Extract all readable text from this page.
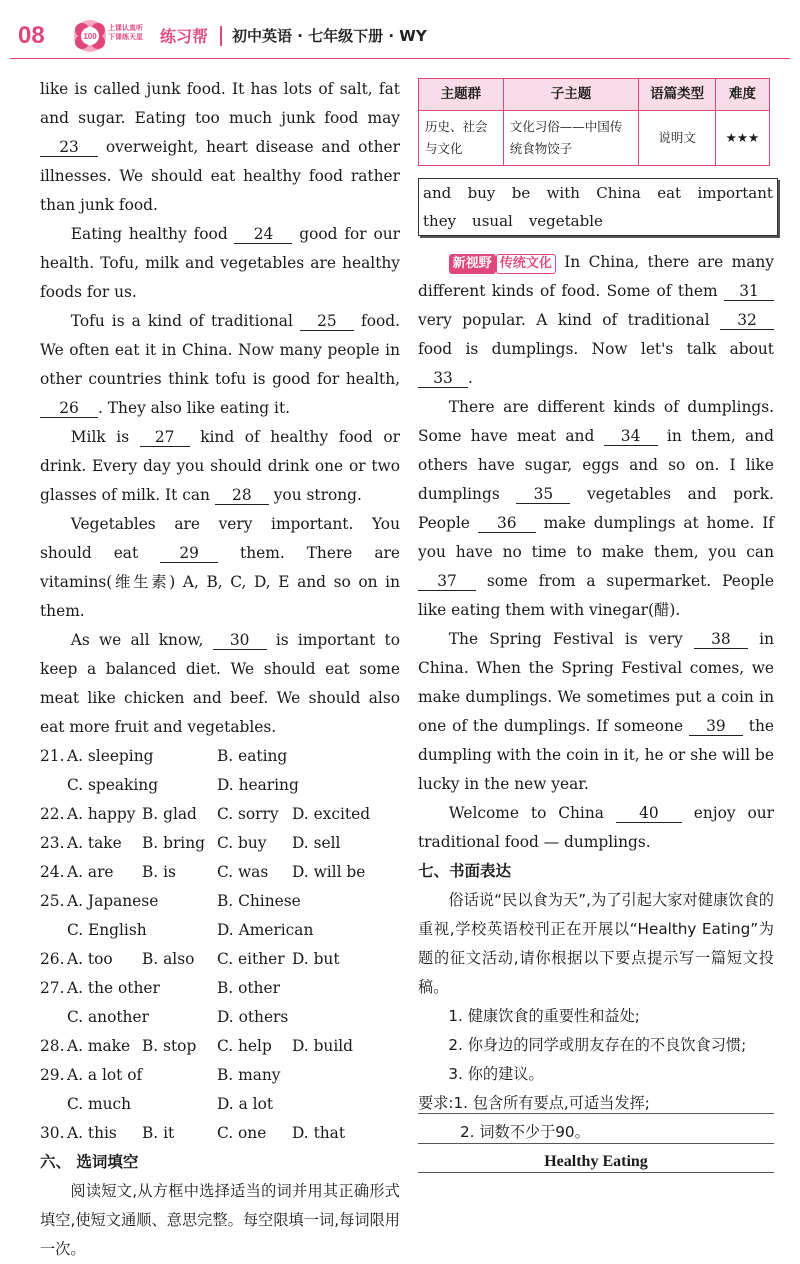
08	100
上课认真听
下课练天星 练习帮 初中英语 · 七年级下册 · WY

like is called junk food. It has lots of salt, fat and sugar. Eating too much junk food may 23 overweight, heart disease and other illnesses. We should eat healthy food rather than junk food.

Eating healthy food 24 good for our health. Tofu, milk and vegetables are healthy foods for us.

Tofu is a kind of traditional 25 food. We often eat it in China. Now many people in other countries think tofu is good for health, 26 . They also like eating it.

Milk is 27 kind of healthy food or drink. Every day you should drink one or two glasses of milk. It can 28 you strong.

Vegetables are very important. You should eat	29	them. There are vitamins(维生素) A, B, C, D, E and so on in them.

As we all know, 30 is important to keep a balanced diet. We should eat some meat like chicken and beef. We should also eat more fruit and vegetables.

21. A. sleeping	B. eating
C. speaking	D. hearing
22. A. happy B. glad	C. sorry D. excited
23. A. take	B. bring C. buy	D. sell
24. A. are	B. is	C. was	D. will be
25. A. Japanese	B. Chinese
C. English	D. American
26. A. too	B. also	C. either D. but
27. A. the other	B. other
C. another	D. others
28. A. make B. stop	C. help	D. build
29. A. a lot of	B. many
C. much	D. a lot
30. A. this	B. it	C. one	D. that
六、 选词填空

阅读短文,从方框中选择适当的词并用其正确形式填空,使短文通顺、意思完整。每空限填一词,每词限用一次。

主题群	子主题	语篇类型	难度
历史、社会与文化	文化习俗——中国传统食物饺子	说明文	★★★
and buy be with China eat important
they usual vegetable

新视野 传统文化 In China, there are many different kinds of food. Some of them 31 very popular. A kind of traditional 32 food is dumplings. Now let's talk about 33 .

There are different kinds of dumplings. Some have meat and 34 in them, and others have sugar, eggs and so on. I like dumplings 35 vegetables and pork. People 36 make dumplings at home. If you have no time to make them, you can 37 some from a supermarket. People like eating them with vinegar(醋).

The Spring Festival is very 38 in China. When the Spring Festival comes, we make dumplings. We sometimes put a coin in one of the dumplings. If someone 39 the dumpling with the coin in it, he or she will be lucky in the new year.

Welcome to China 40 enjoy our traditional food — dumplings.

七、书面表达

俗话说“民以食为天”,为了引起大家对健康饮食的重视,学校英语校刊正在开展以“Healthy Eating”为题的征文活动,请你根据以下要点提示写一篇短文投稿。

1. 健康饮食的重要性和益处;

2. 你身边的同学或朋友存在的不良饮食习惯;

3. 你的建议。

要求:1. 包含所有要点,可适当发挥;

2. 词数不少于90。

Healthy Eating
